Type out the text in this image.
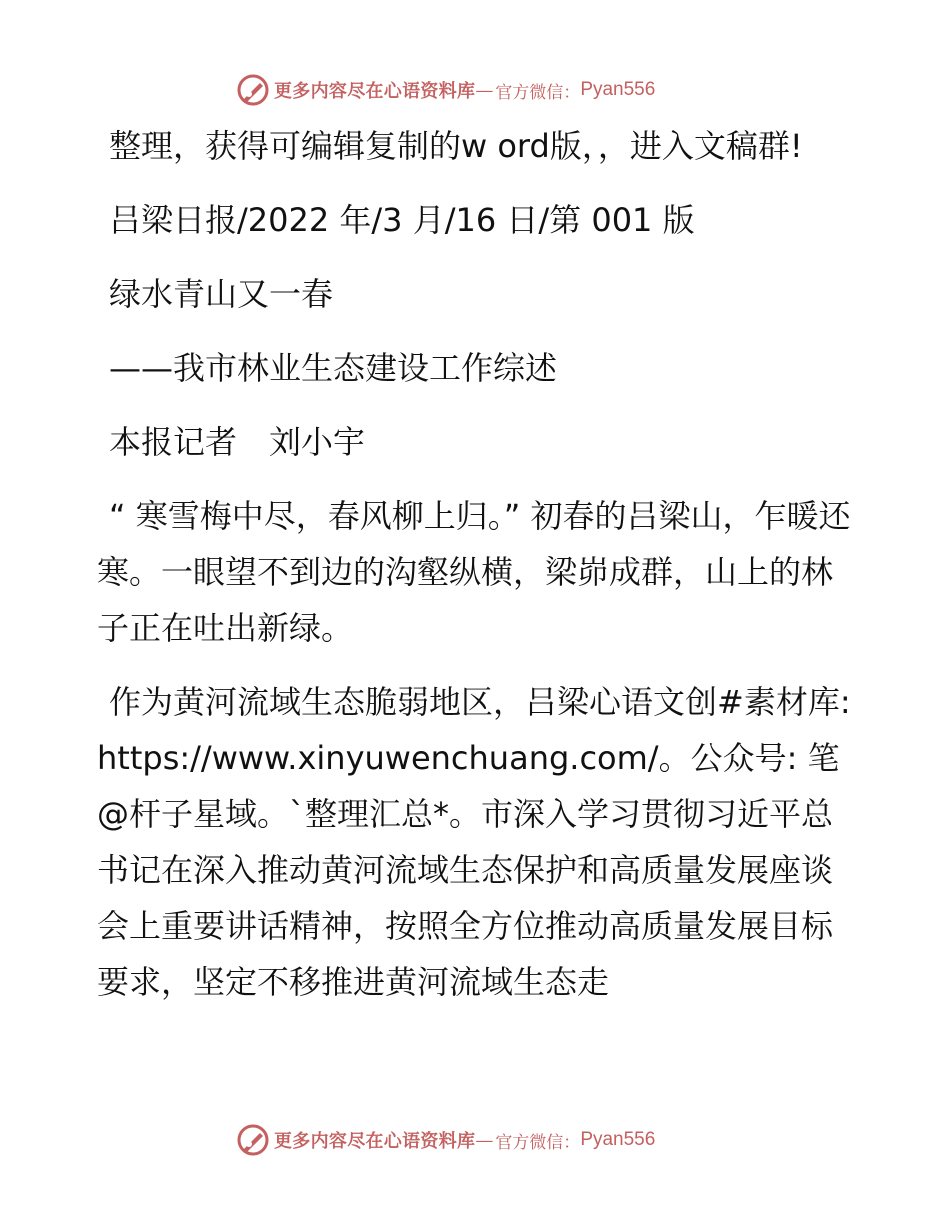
更多内容尽在心语资料库 — 官方微信： Pyan556

整理，获得可编辑复制的w ord版，，进入文稿群!

吕梁日报/2022 年/3 月/16 日/第 001 版

绿水青山又一春

——我市林业生态建设工作综述

本报记者　刘小宇

“ 寒雪梅中尽，春风柳上归。” 初春的吕梁山，乍暖还寒。一眼望不到边的沟壑纵横，梁峁成群，山上的林子正在吐出新绿。

作为黄河流域生态脆弱地区，吕梁心语文创#素材库: https://www.xinyuwenchuang.com/。公众号: 笔@杆子星域。`整理汇总*。市深入学习贯彻习近平总书记在深入推动黄河流域生态保护和高质量发展座谈会上重要讲话精神，按照全方位推动高质量发展目标要求，坚定不移推进黄河流域生态走

更多内容尽在心语资料库 — 官方微信： Pyan556
